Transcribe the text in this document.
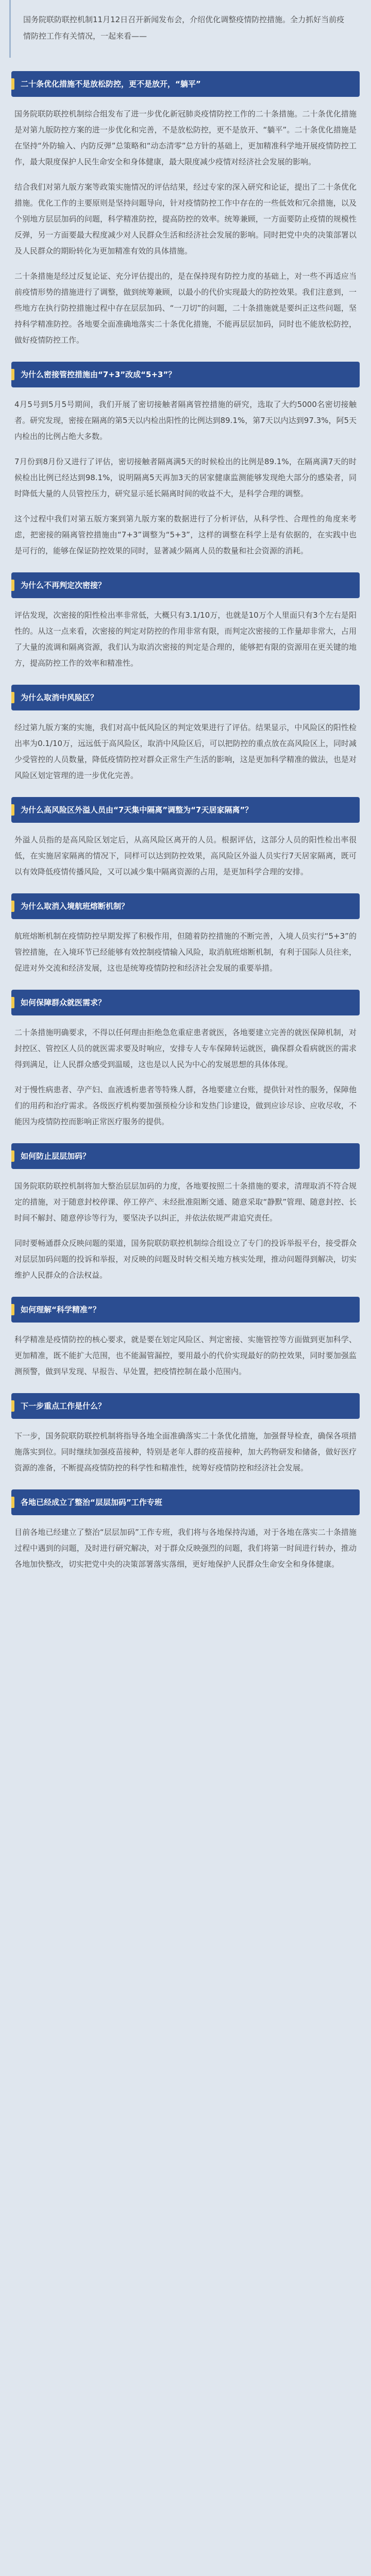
国务院联防联控机制11月12日召开新闻发布会，介绍优化调整疫情防控措施。全力抓好当前疫情防控工作有关情况，一起来看——
二十条优化措施不是放松防控，更不是放开，“躺平”
国务院联防联控机制综合组发布了进一步优化新冠肺炎疫情防控工作的二十条措施。二十条优化措施是对第九版防控方案的进一步优化和完善，不是放松防控，更不是放开、“躺平”。二十条优化措施是在坚持“外防输入、内防反弹”总策略和“动态清零”总方针的基础上，更加精准科学地开展疫情防控工作，最大限度保护人民生命安全和身体健康，最大限度减少疫情对经济社会发展的影响。
结合我们对第九版方案等政策实施情况的评估结果，经过专家的深入研究和论证，提出了二十条优化措施。优化工作的主要原则是坚持问题导向，针对疫情防控工作中存在的一些低效和冗余措施，以及个别地方层层加码的问题，科学精准防控，提高防控的效率。统筹兼顾，一方面要防止疫情的规模性反弹，另一方面要最大程度减少对人民群众生活和经济社会发展的影响。同时把党中央的决策部署以及人民群众的期盼转化为更加精准有效的具体措施。
二十条措施是经过反复论证、充分评估提出的，是在保持现有防控力度的基础上，对一些不再适应当前疫情形势的措施进行了调整，做到统筹兼顾，以最小的代价实现最大的防控效果。我们注意到，一些地方在执行防控措施过程中存在层层加码、“一刀切”的问题，二十条措施就是要纠正这些问题，坚持科学精准防控。各地要全面准确地落实二十条优化措施，不能再层层加码，同时也不能放松防控，做好疫情防控工作。
为什么密接管控措施由“7+3”改成“5+3”？
4月5号到5月5号期间，我们开展了密切接触者隔离管控措施的研究，选取了大约5000名密切接触者。研究发现，密接在隔离的第5天以内检出阳性的比例达到89.1%，第7天以内达到97.3%，阿5天内检出的比例占绝大多数。
7月份到8月份又进行了评估，密切接触者隔离满5天的时候检出的比例是89.1%，在隔离满7天的时候检出比例已经达到98.1%，说明隔离5天再加3天的居家健康监测能够发现绝大部分的感染者，同时降低大量的人员管控压力，研究显示延长隔离时间的收益不大，是科学合理的调整。
这个过程中我们对第五版方案到第九版方案的数据进行了分析评估，从科学性、合理性的角度来考虑，把密接的隔离管控措施由“7+3”调整为“5+3”，这样的调整在科学上是有依据的，在实践中也是可行的，能够在保证防控效果的同时，显著减少隔离人员的数量和社会资源的消耗。
为什么不再判定次密接？
评估发现，次密接的阳性检出率非常低，大概只有3.1/10万，也就是10万个人里面只有3个左右是阳性的。从这一点来看，次密接的判定对防控的作用非常有限，而判定次密接的工作量却非常大，占用了大量的流调和隔离资源，我们认为取消次密接的判定是合理的，能够把有限的资源用在更关键的地方，提高防控工作的效率和精准性。
为什么取消中风险区？
经过第九版方案的实施，我们对高中低风险区的判定效果进行了评估。结果显示，中风险区的阳性检出率为0.1/10万，远远低于高风险区，取消中风险区后，可以把防控的重点放在高风险区上，同时减少受管控的人员数量，降低疫情防控对群众正常生产生活的影响，这是更加科学精准的做法，也是对风险区划定管理的进一步优化完善。
为什么高风险区外溢人员由“7天集中隔离”调整为“7天居家隔离”？
外溢人员指的是高风险区划定后，从高风险区离开的人员。根据评估，这部分人员的阳性检出率很低，在实施居家隔离的情况下，同样可以达到防控效果，高风险区外溢人员实行7天居家隔离，既可以有效降低疫情传播风险，又可以减少集中隔离资源的占用，是更加科学合理的安排。
为什么取消入境航班熔断机制？
航班熔断机制在疫情防控早期发挥了积极作用，但随着防控措施的不断完善，入境人员实行“5+3”的管控措施，在入境环节已经能够有效控制疫情输入风险，取消航班熔断机制，有利于国际人员往来，促进对外交流和经济发展，这也是统筹疫情防控和经济社会发展的重要举措。
如何保障群众就医需求？
二十条措施明确要求，不得以任何理由拒绝急危重症患者就医，各地要建立完善的就医保障机制，对封控区、管控区人员的就医需求要及时响应，安排专人专车保障转运就医，确保群众看病就医的需求得到满足，让人民群众感受到温暖，这也是以人民为中心的发展思想的具体体现。
对于慢性病患者、孕产妇、血液透析患者等特殊人群，各地要建立台账，提供针对性的服务，保障他们的用药和治疗需求。各级医疗机构要加强预检分诊和发热门诊建设，做到应诊尽诊、应收尽收，不能因为疫情防控而影响正常医疗服务的提供。
如何防止层层加码？
国务院联防联控机制将加大整治层层加码的力度，各地要按照二十条措施的要求，清理取消不符合规定的措施，对于随意封校停课、停工停产、未经批准阻断交通、随意采取“静默”管理、随意封控、长时间不解封、随意停诊等行为，要坚决予以纠正，并依法依规严肃追究责任。
同时要畅通群众反映问题的渠道，国务院联防联控机制综合组设立了专门的投诉举报平台，接受群众对层层加码问题的投诉和举报，对反映的问题及时转交相关地方核实处理，推动问题得到解决，切实维护人民群众的合法权益。
如何理解“科学精准”？
科学精准是疫情防控的核心要求，就是要在划定风险区、判定密接、实施管控等方面做到更加科学、更加精准，既不能扩大范围，也不能漏管漏控，要用最小的代价实现最好的防控效果，同时要加强监测预警，做到早发现、早报告、早处置，把疫情控制在最小范围内。
下一步重点工作是什么？
下一步，国务院联防联控机制将指导各地全面准确落实二十条优化措施，加强督导检查，确保各项措施落实到位。同时继续加强疫苗接种，特别是老年人群的疫苗接种，加大药物研发和储备，做好医疗资源的准备，不断提高疫情防控的科学性和精准性，统筹好疫情防控和经济社会发展。
各地已经成立了整治“层层加码”工作专班
目前各地已经建立了整治“层层加码”工作专班，我们将与各地保持沟通，对于各地在落实二十条措施过程中遇到的问题，及时进行研究解决，对于群众反映强烈的问题，我们将第一时间进行转办，推动各地加快整改，切实把党中央的决策部署落实落细，更好地保护人民群众生命安全和身体健康。
